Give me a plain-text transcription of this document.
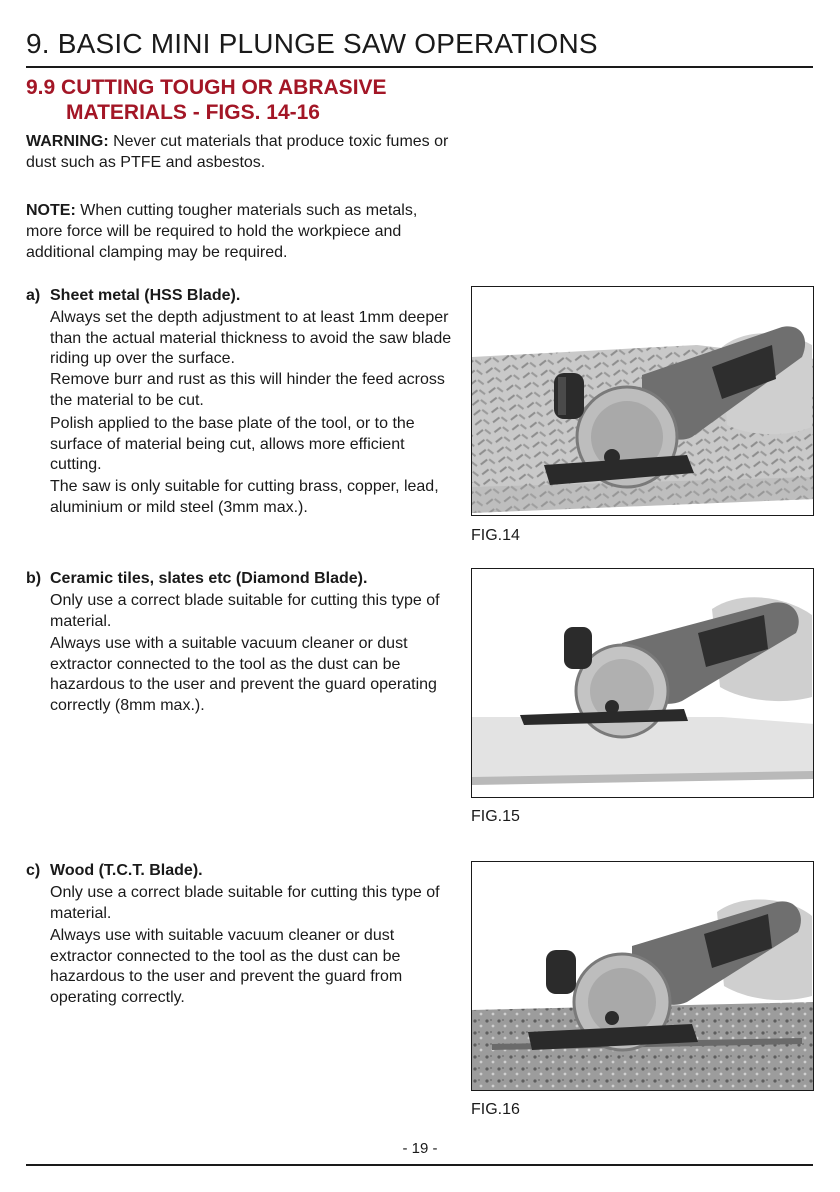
9. BASIC MINI PLUNGE SAW OPERATIONS
9.9 CUTTING TOUGH OR ABRASIVE
MATERIALS - FIGS. 14-16
WARNING: Never cut materials that produce toxic fumes or dust such as PTFE and asbestos.
NOTE: When cutting tougher materials such as metals, more force will be required to hold the workpiece and additional clamping may be required.
a) Sheet metal (HSS Blade).
Always set the depth adjustment to at least 1mm deeper than the actual material thickness to avoid the saw blade riding up over the surface.
Remove burr and rust as this will hinder the feed across the material to be cut.
Polish applied to the base plate of the tool, or to the surface of material being cut, allows more efficient cutting.
The saw is only suitable for cutting brass, copper, lead, aluminium or mild steel (3mm max.).
b) Ceramic tiles, slates etc (Diamond Blade).
Only use a correct blade suitable for cutting this type of material.
Always use with a suitable vacuum cleaner or dust extractor connected to the tool as the dust can be hazardous to the user and prevent the guard operating correctly (8mm max.).
c) Wood (T.C.T. Blade).
Only use a correct blade suitable for cutting this type of material.
Always use with suitable vacuum cleaner or dust extractor connected to the tool as the dust can be hazardous to the user and prevent the guard from operating correctly.
FIG.14
FIG.15
FIG.16
- 19 -
